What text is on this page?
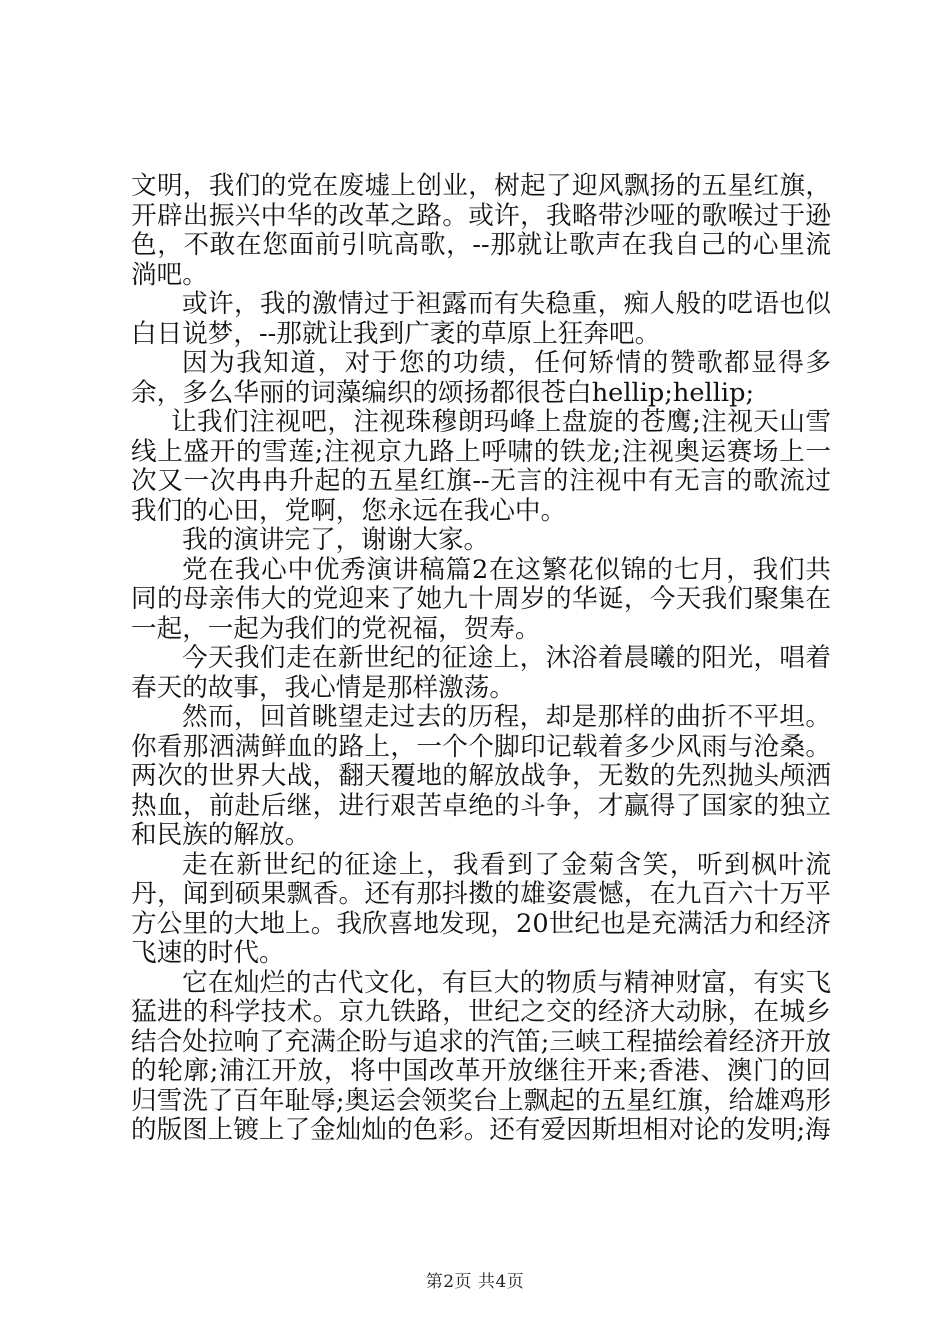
文明，我们的党在废墟上创业，树起了迎风飘扬的五星红旗，开辟出振兴中华的改革之路。或许，我略带沙哑的歌喉过于逊色，不敢在您面前引吭高歌，--那就让歌声在我自己的心里流淌吧。

或许，我的激情过于袒露而有失稳重，痴人般的呓语也似白日说梦，--那就让我到广袤的草原上狂奔吧。

因为我知道，对于您的功绩，任何矫情的赞歌都显得多余，多么华丽的词藻编织的颂扬都很苍白hellip;hellip;

让我们注视吧，注视珠穆朗玛峰上盘旋的苍鹰;注视天山雪线上盛开的雪莲;注视京九路上呼啸的铁龙;注视奥运赛场上一次又一次冉冉升起的五星红旗--无言的注视中有无言的歌流过我们的心田，党啊，您永远在我心中。

我的演讲完了，谢谢大家。

党在我心中优秀演讲稿篇2在这繁花似锦的七月，我们共同的母亲伟大的党迎来了她九十周岁的华诞，今天我们聚集在一起，一起为我们的党祝福，贺寿。

今天我们走在新世纪的征途上，沐浴着晨曦的阳光，唱着春天的故事，我心情是那样激荡。

然而，回首眺望走过去的历程，却是那样的曲折不平坦。你看那洒满鲜血的路上，一个个脚印记载着多少风雨与沧桑。两次的世界大战，翻天覆地的解放战争，无数的先烈抛头颅洒热血，前赴后继，进行艰苦卓绝的斗争，才赢得了国家的独立和民族的解放。

走在新世纪的征途上，我看到了金菊含笑，听到枫叶流丹，闻到硕果飘香。还有那抖擞的雄姿震憾，在九百六十万平方公里的大地上。我欣喜地发现，20世纪也是充满活力和经济飞速的时代。

它在灿烂的古代文化，有巨大的物质与精神财富，有实飞猛进的科学技术。京九铁路，世纪之交的经济大动脉，在城乡结合处拉响了充满企盼与追求的汽笛;三峡工程描绘着经济开放的轮廓;浦江开放，将中国改革开放继往开来;香港、澳门的回归雪洗了百年耻辱;奥运会领奖台上飘起的五星红旗，给雄鸡形的版图上镀上了金灿灿的色彩。还有爱因斯坦相对论的发明;海

第2页 共4页
